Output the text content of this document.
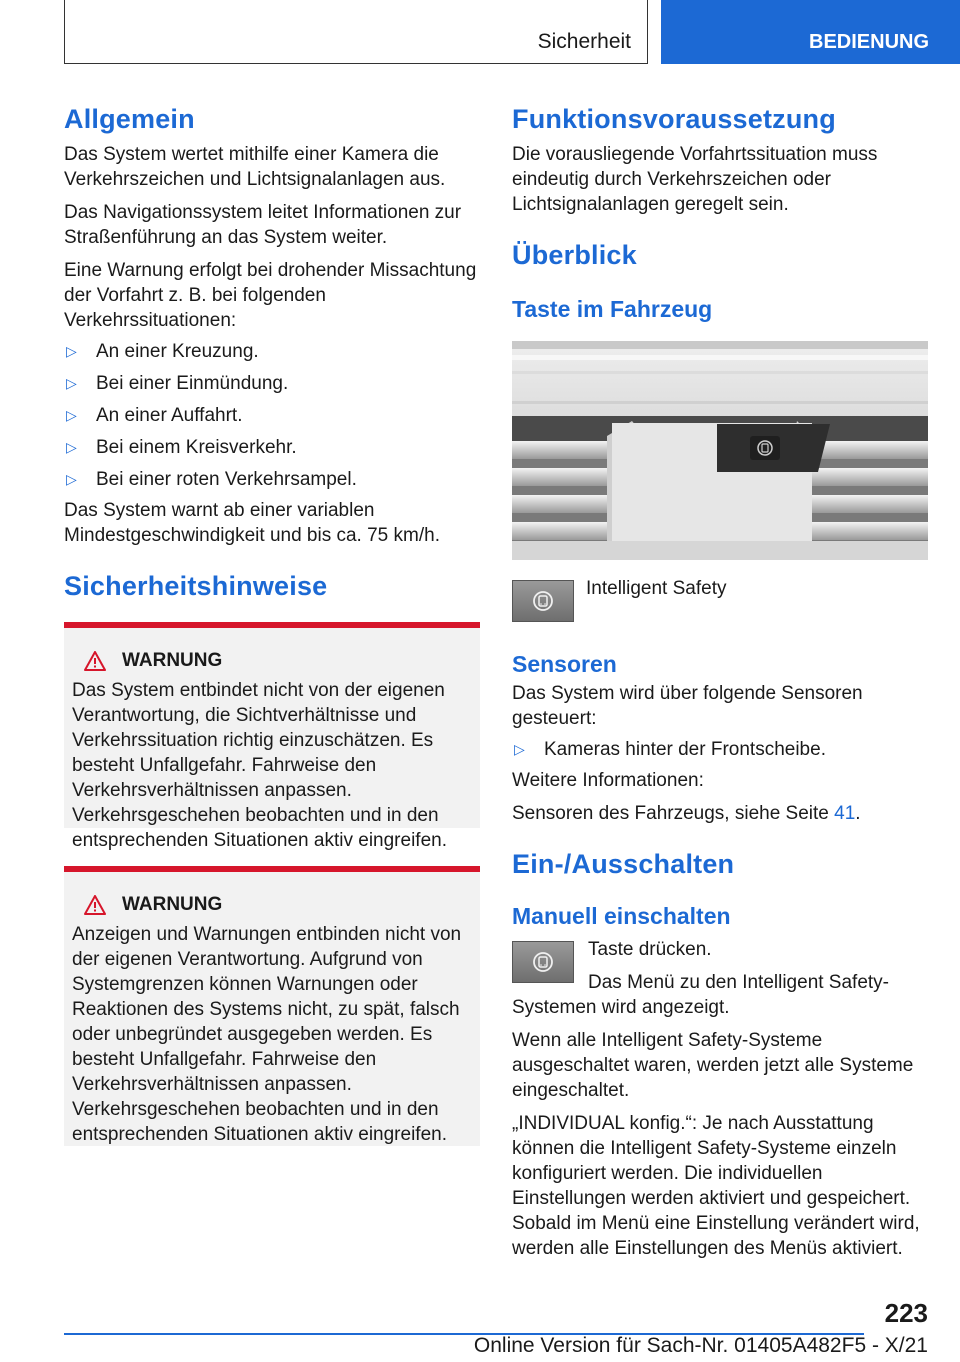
Sicherheit	BEDIENUNG
Allgemein

Das System wertet mithilfe einer Kamera die Verkehrszeichen und Lichtsignalanlagen aus.

Das Navigationssystem leitet Informationen zur Straßenführung an das System weiter.

Eine Warnung erfolgt bei drohender Missachtung der Vorfahrt z. B. bei folgenden Verkehrssituationen:

▷	An einer Kreuzung.
▷	Bei einer Einmündung.
▷	An einer Auffahrt.
▷	Bei einem Kreisverkehr.
▷	Bei einer roten Verkehrsampel.

Das System warnt ab einer variablen Mindestgeschwindigkeit und bis ca. 75 km/h.

Sicherheitshinweise
WARNUNG

Das System entbindet nicht von der eigenen Verantwortung, die Sichtverhältnisse und Verkehrssituation richtig einzuschätzen. Es besteht Unfallgefahr. Fahrweise den Verkehrsverhältnissen anpassen. Verkehrsgeschehen beobachten und in den entsprechenden Situationen aktiv eingreifen.

WARNUNG

Anzeigen und Warnungen entbinden nicht von der eigenen Verantwortung. Aufgrund von Systemgrenzen können Warnungen oder Reaktionen des Systems nicht, zu spät, falsch oder unbegründet ausgegeben werden. Es besteht Unfallgefahr. Fahrweise den Verkehrsverhältnissen anpassen. Verkehrsgeschehen beobachten und in den entsprechenden Situationen aktiv eingreifen.

Funktionsvoraussetzung

Die vorausliegende Vorfahrtssituation muss eindeutig durch Verkehrszeichen oder Lichtsignalanlagen geregelt sein.

Überblick
Taste im Fahrzeug
Intelligent Safety
Sensoren

Das System wird über folgende Sensoren gesteuert:

▷	Kameras hinter der Frontscheibe.

Weitere Informationen:

Sensoren des Fahrzeugs, siehe Seite 41.

Ein-/Ausschalten
Manuell einschalten

Taste drücken.

Das Menü zu den Intelligent Safety-Systemen wird angezeigt.

Wenn alle Intelligent Safety-Systeme ausgeschaltet waren, werden jetzt alle Systeme eingeschaltet.

„INDIVIDUAL konfig.“: Je nach Ausstattung können die Intelligent Safety-Systeme einzeln konfiguriert werden. Die individuellen Einstellungen werden aktiviert und gespeichert. Sobald im Menü eine Einstellung verändert wird, werden alle Einstellungen des Menüs aktiviert.

223
Online Version für Sach-Nr. 01405A482F5 - X/21
